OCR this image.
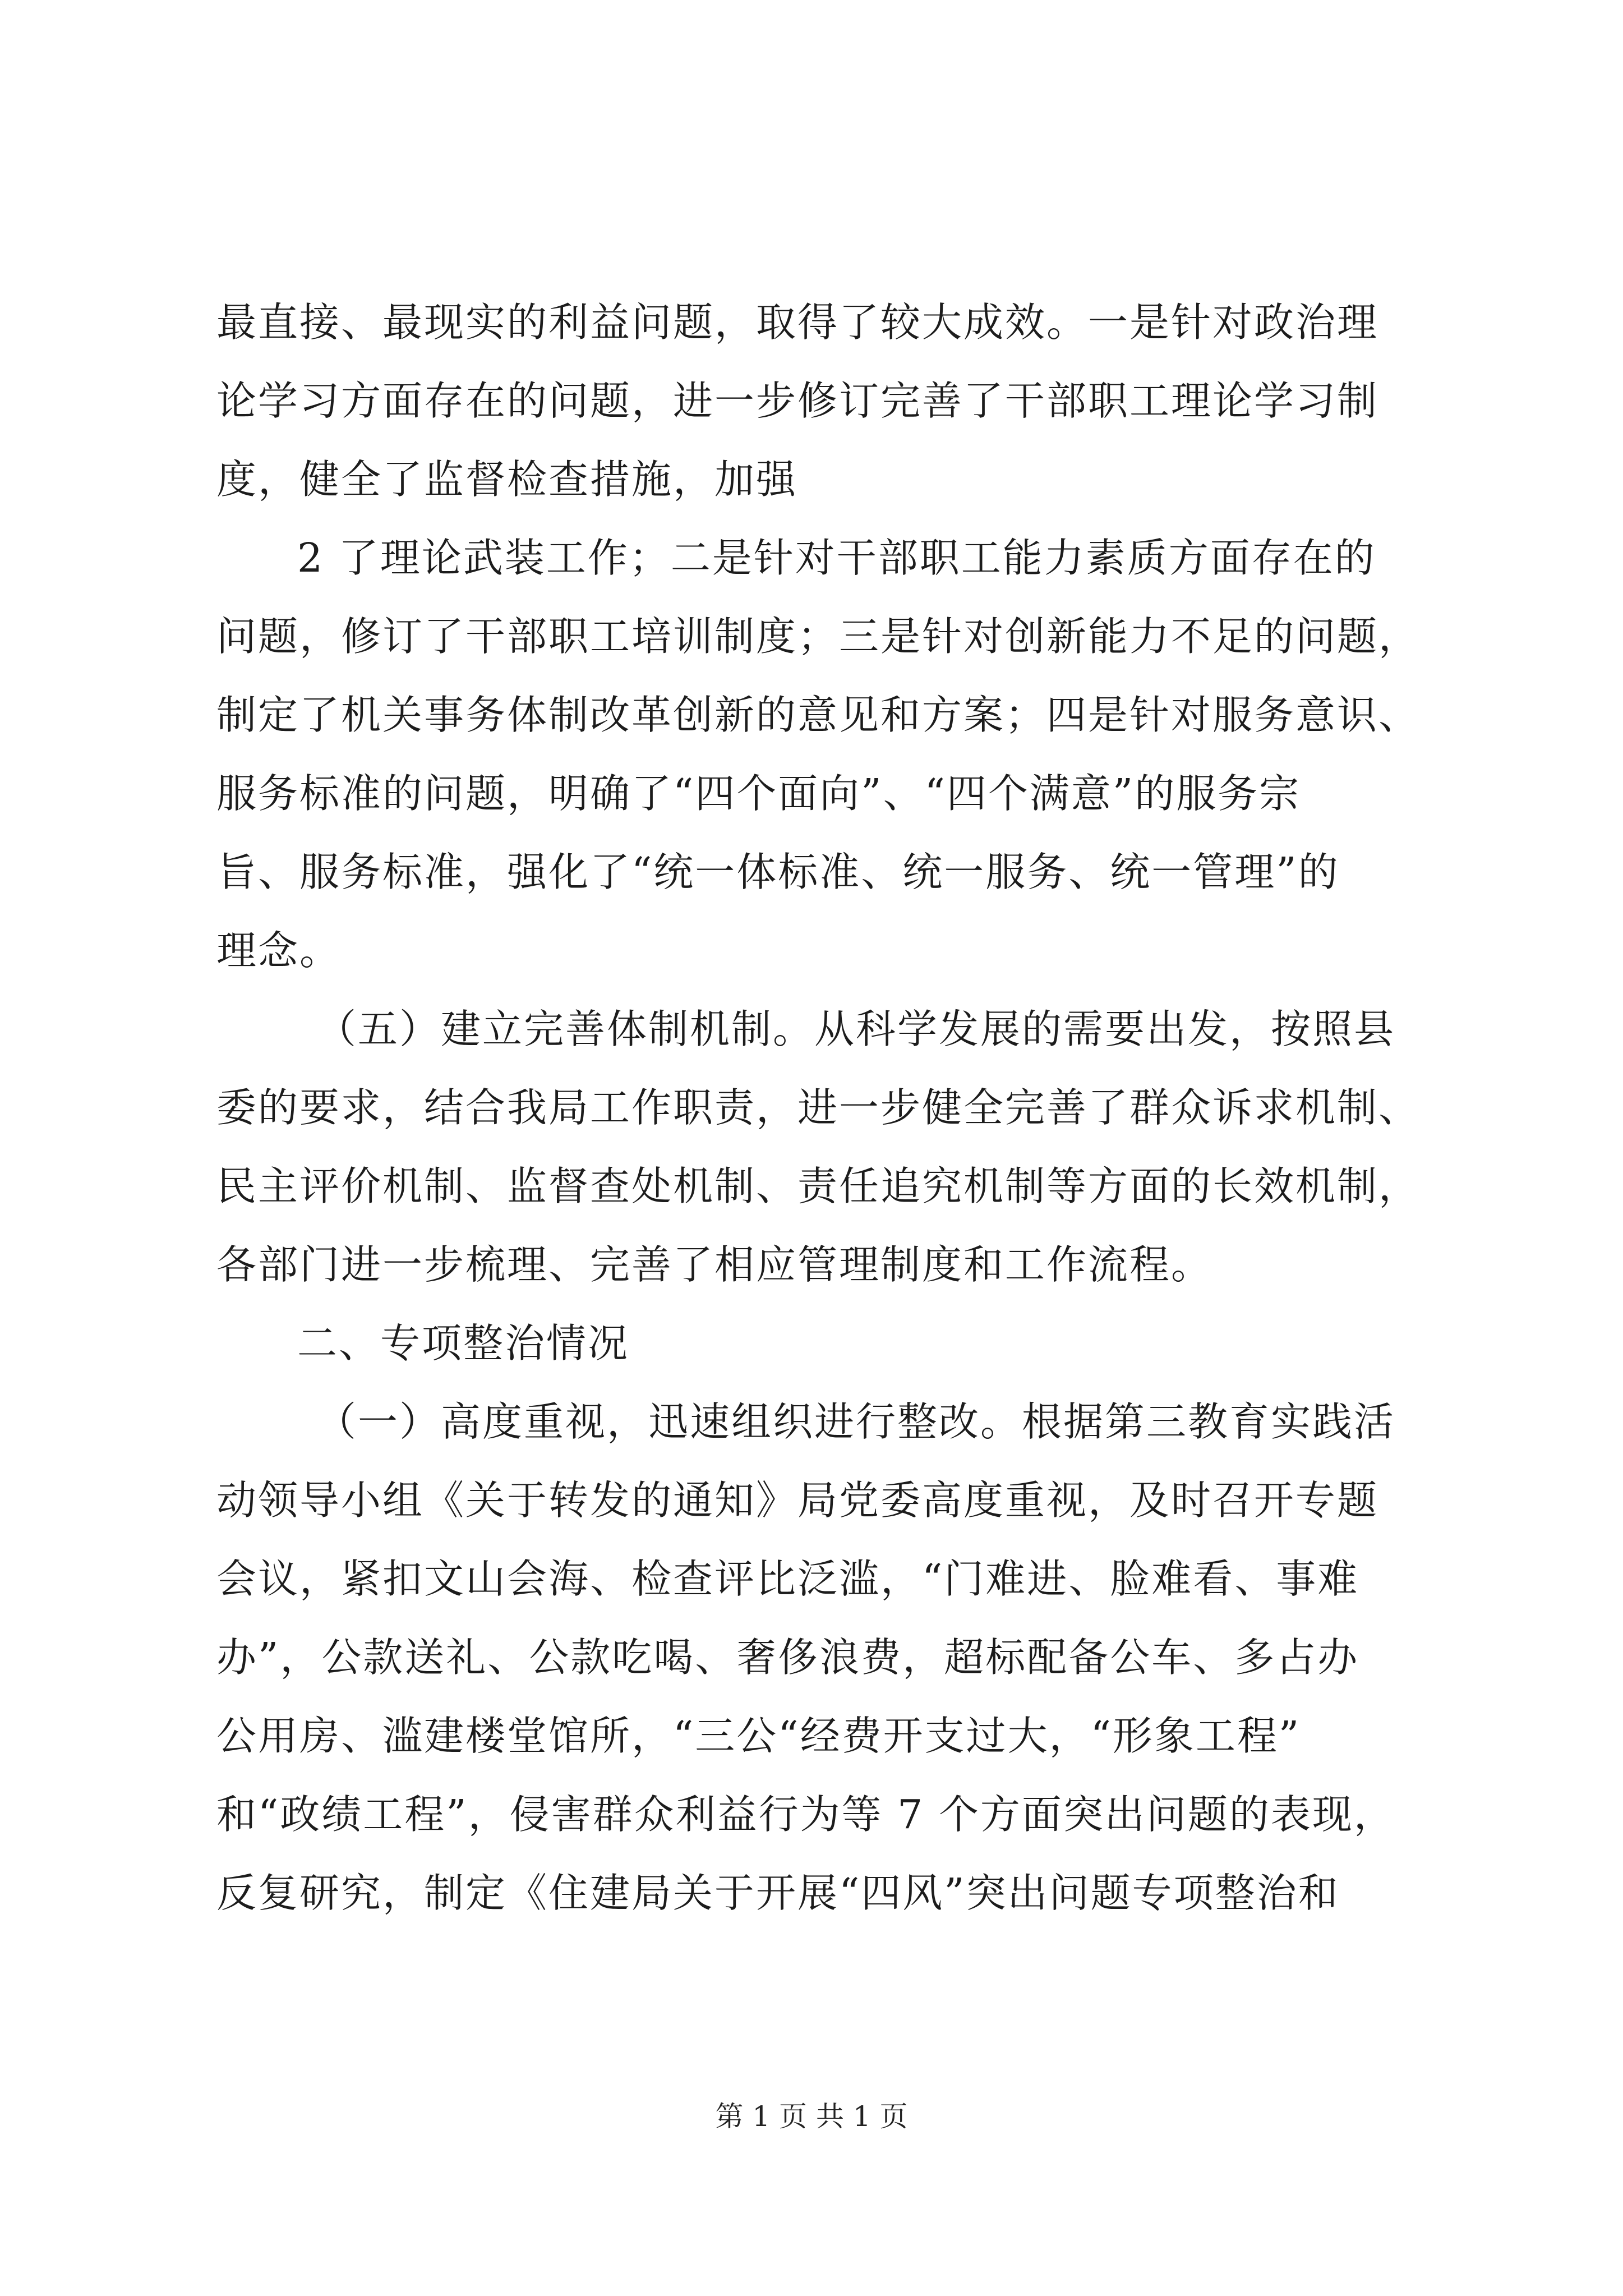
最直接、最现实的利益问题，取得了较大成效。一是针对政治理

论学习方面存在的问题，进一步修订完善了干部职工理论学习制

度，健全了监督检查措施，加强

2 了理论武装工作；二是针对干部职工能力素质方面存在的

问题，修订了干部职工培训制度；三是针对创新能力不足的问题，

制定了机关事务体制改革创新的意见和方案；四是针对服务意识、

服务标准的问题，明确了“四个面向”、“四个满意”的服务宗

旨、服务标准，强化了“统一体标准、统一服务、统一管理”的

理念。

（五）建立完善体制机制。从科学发展的需要出发，按照县

委的要求，结合我局工作职责，进一步健全完善了群众诉求机制、

民主评价机制、监督查处机制、责任追究机制等方面的长效机制，

各部门进一步梳理、完善了相应管理制度和工作流程。

二、专项整治情况

（一）高度重视，迅速组织进行整改。根据第三教育实践活

动领导小组《关于转发的通知》局党委高度重视，及时召开专题

会议，紧扣文山会海、检查评比泛滥，“门难进、脸难看、事难

办”，公款送礼、公款吃喝、奢侈浪费，超标配备公车、多占办

公用房、滥建楼堂馆所，“三公“经费开支过大，“形象工程”

和“政绩工程”，侵害群众利益行为等 7 个方面突出问题的表现，

反复研究，制定《住建局关于开展“四风”突出问题专项整治和

第 1 页 共 1 页
